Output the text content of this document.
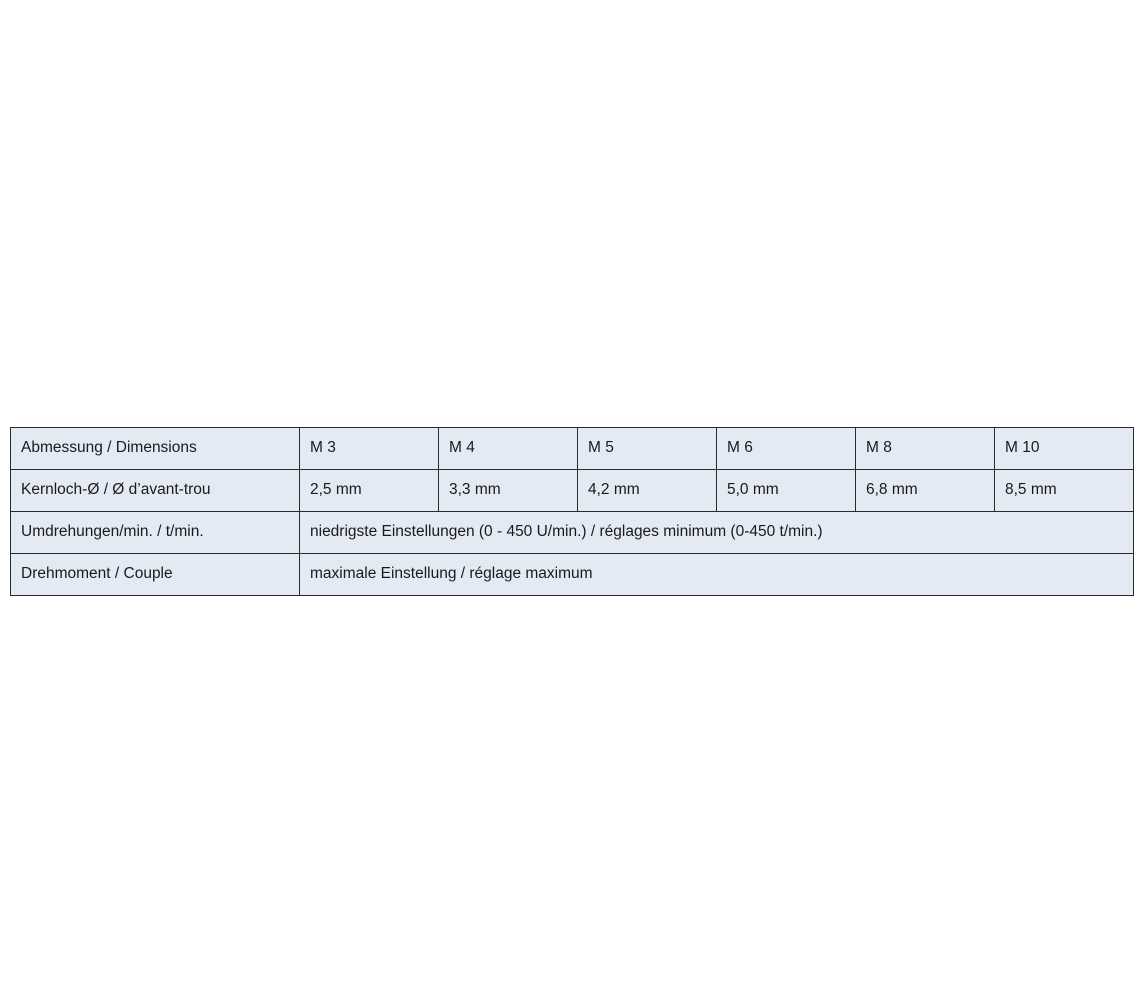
Abmessung / Dimensions	M 3	M 4	M 5	M 6	M 8	M 10
Kernloch-Ø / Ø d’avant-trou	2,5 mm	3,3 mm	4,2 mm	5,0 mm	6,8 mm	8,5 mm
Umdrehungen/min. / t/min.	niedrigste Einstellungen (0 - 450 U/min.) / réglages minimum (0-450 t/min.)					
Drehmoment / Couple	maximale Einstellung / réglage maximum					
